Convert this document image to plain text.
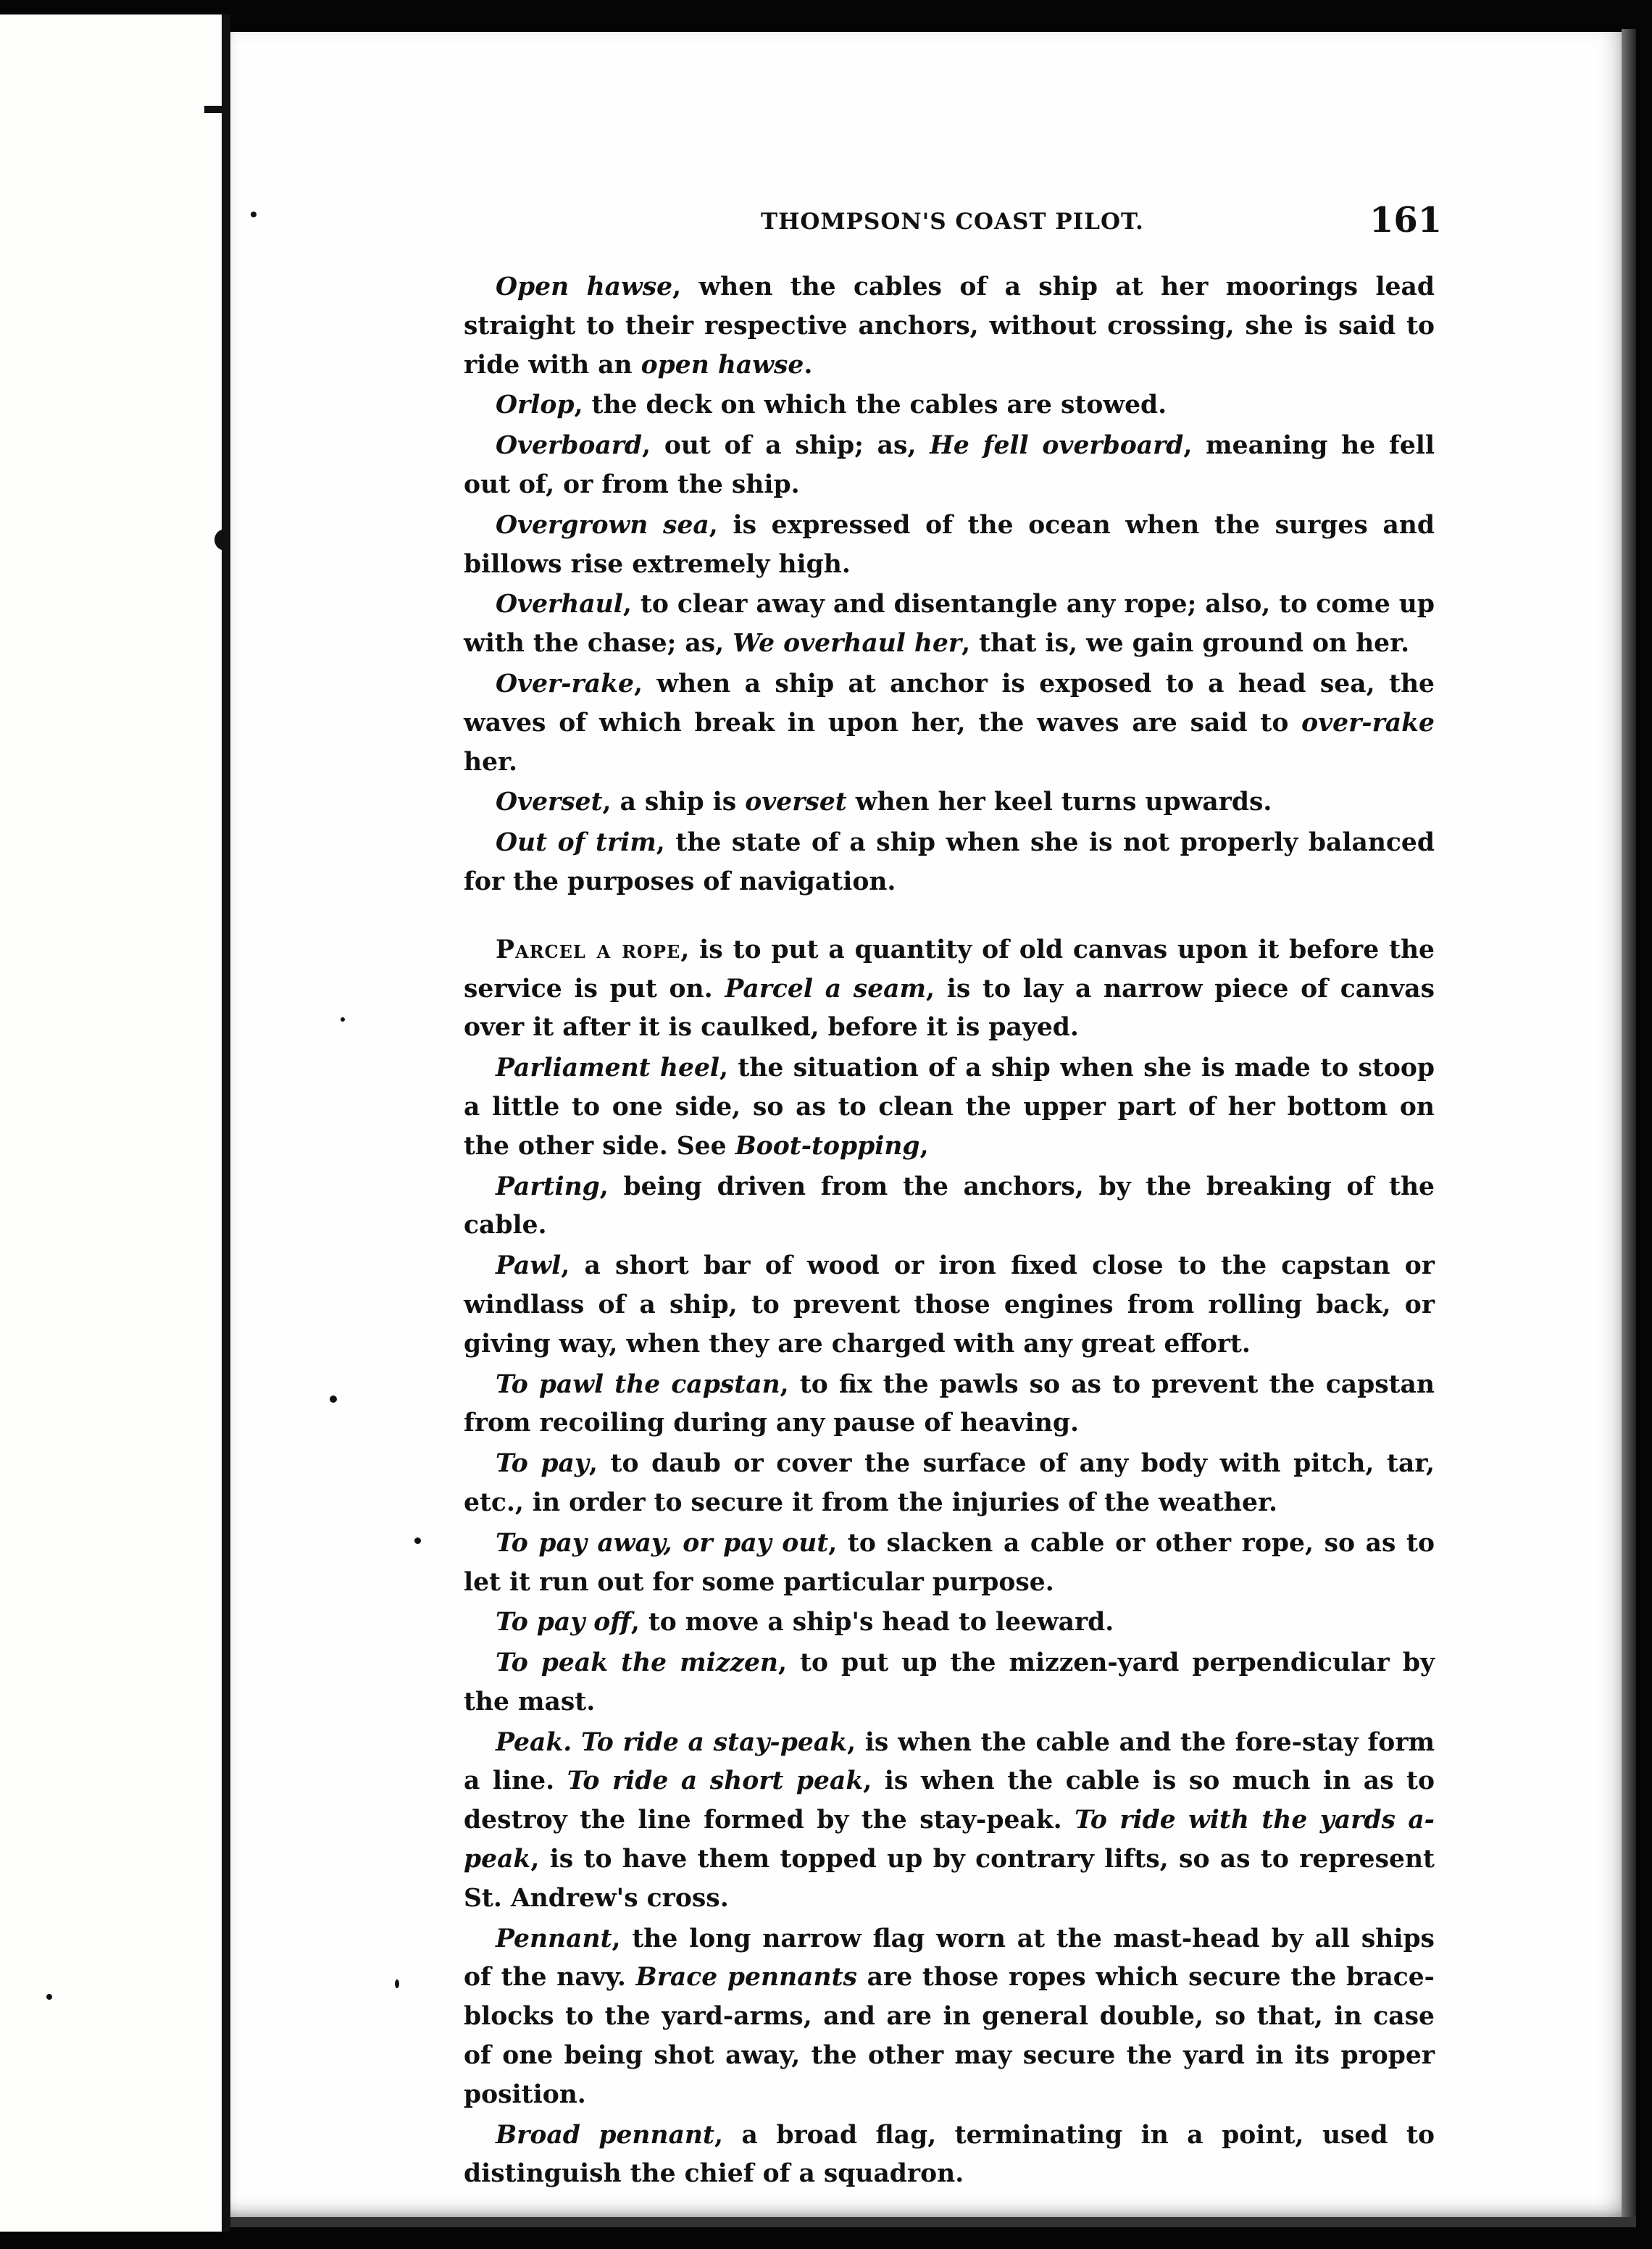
THOMPSON'S COAST PILOT.	161

Open hawse, when the cables of a ship at her moorings lead straight to their respective anchors, without crossing, she is said to ride with an open hawse.

Orlop, the deck on which the cables are stowed.

Overboard, out of a ship; as, He fell overboard, meaning he fell out of, or from the ship.

Overgrown sea, is expressed of the ocean when the surges and billows rise extremely high.

Overhaul, to clear away and disentangle any rope; also, to come up with the chase; as, We overhaul her, that is, we gain ground on her.

Over-rake, when a ship at anchor is exposed to a head sea, the waves of which break in upon her, the waves are said to over-rake her.

Overset, a ship is overset when her keel turns upwards.

Out of trim, the state of a ship when she is not properly balanced for the purposes of navigation.

Parcel a rope, is to put a quantity of old canvas upon it before the service is put on. Parcel a seam, is to lay a narrow piece of canvas over it after it is caulked, before it is payed.

Parliament heel, the situation of a ship when she is made to stoop a little to one side, so as to clean the upper part of her bottom on the other side. See Boot-topping,

Parting, being driven from the anchors, by the breaking of the cable.

Pawl, a short bar of wood or iron fixed close to the capstan or windlass of a ship, to prevent those engines from rolling back, or giving way, when they are charged with any great effort.

To pawl the capstan, to fix the pawls so as to prevent the capstan from recoiling during any pause of heaving.

To pay, to daub or cover the surface of any body with pitch, tar, etc., in order to secure it from the injuries of the weather.

To pay away, or pay out, to slacken a cable or other rope, so as to let it run out for some particular purpose.

To pay off, to move a ship's head to leeward.

To peak the mizzen, to put up the mizzen-yard perpendicular by the mast.

Peak. To ride a stay-peak, is when the cable and the fore-stay form a line. To ride a short peak, is when the cable is so much in as to destroy the line formed by the stay-peak. To ride with the yards a-peak, is to have them topped up by contrary lifts, so as to represent St. Andrew's cross.

Pennant, the long narrow flag worn at the mast-head by all ships of the navy. Brace pennants are those ropes which secure the brace-blocks to the yard-arms, and are in general double, so that, in case of one being shot away, the other may secure the yard in its proper position.

Broad pennant, a broad flag, terminating in a point, used to distinguish the chief of a squadron.
